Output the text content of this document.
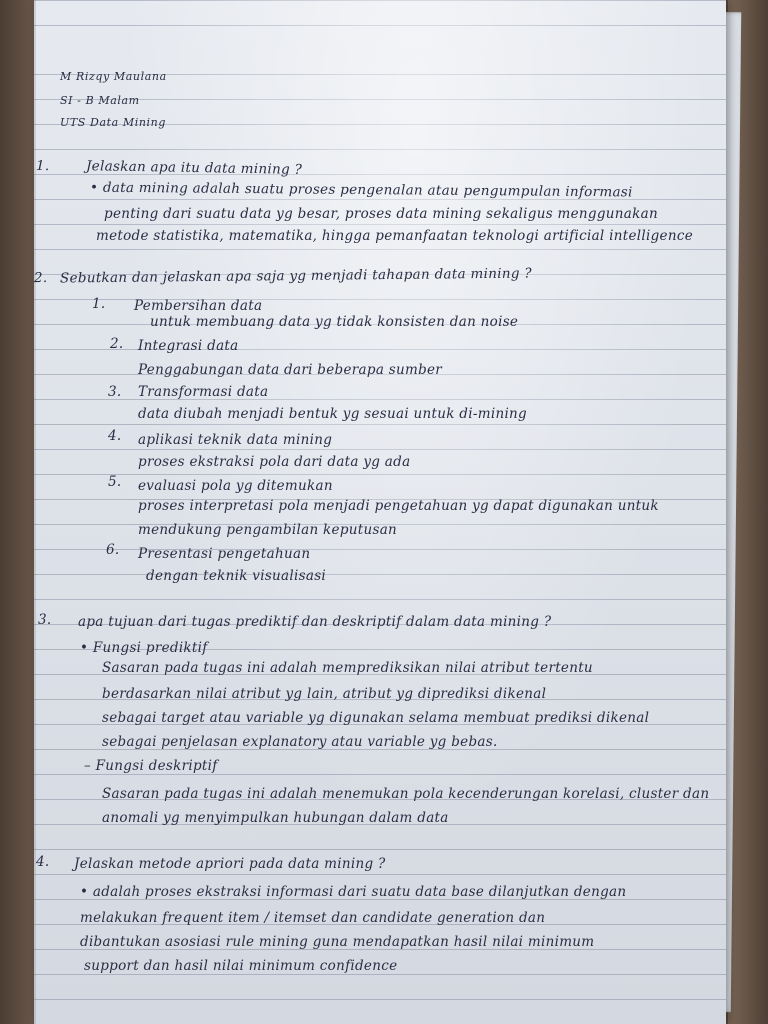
M Rizqy Maulana
SI - B Malam
UTS Data Mining
1.	Jelaskan apa itu data mining ?
• data mining adalah suatu proses pengenalan atau pengumpulan informasi
penting dari suatu data yg besar, proses data mining sekaligus menggunakan
metode statistika, matematika, hingga pemanfaatan teknologi artificial intelligence
2. Sebutkan dan jelaskan apa saja yg menjadi tahapan data mining ?
1. Pembersihan data
untuk membuang data yg tidak konsisten dan noise
2. Integrasi data
Penggabungan data dari beberapa sumber
3. Transformasi data
data diubah menjadi bentuk yg sesuai untuk di-mining
4. aplikasi teknik data mining
proses ekstraksi pola dari data yg ada
5. evaluasi pola yg ditemukan
proses interpretasi pola menjadi pengetahuan yg dapat digunakan untuk
mendukung pengambilan keputusan
6. Presentasi pengetahuan
dengan teknik visualisasi
3. apa tujuan dari tugas prediktif dan deskriptif dalam data mining ?
• Fungsi prediktif
Sasaran pada tugas ini adalah memprediksikan nilai atribut tertentu
berdasarkan nilai atribut yg lain, atribut yg diprediksi dikenal
sebagai target atau variable yg digunakan selama membuat prediksi dikenal
sebagai penjelasan explanatory atau variable yg bebas.
– Fungsi deskriptif
Sasaran pada tugas ini adalah menemukan pola kecenderungan korelasi, cluster dan
anomali yg menyimpulkan hubungan dalam data
4. Jelaskan metode apriori pada data mining ?
• adalah proses ekstraksi informasi dari suatu data base dilanjutkan dengan
melakukan frequent item / itemset dan candidate generation dan
dibantukan asosiasi rule mining guna mendapatkan hasil nilai minimum
support dan hasil nilai minimum confidence
